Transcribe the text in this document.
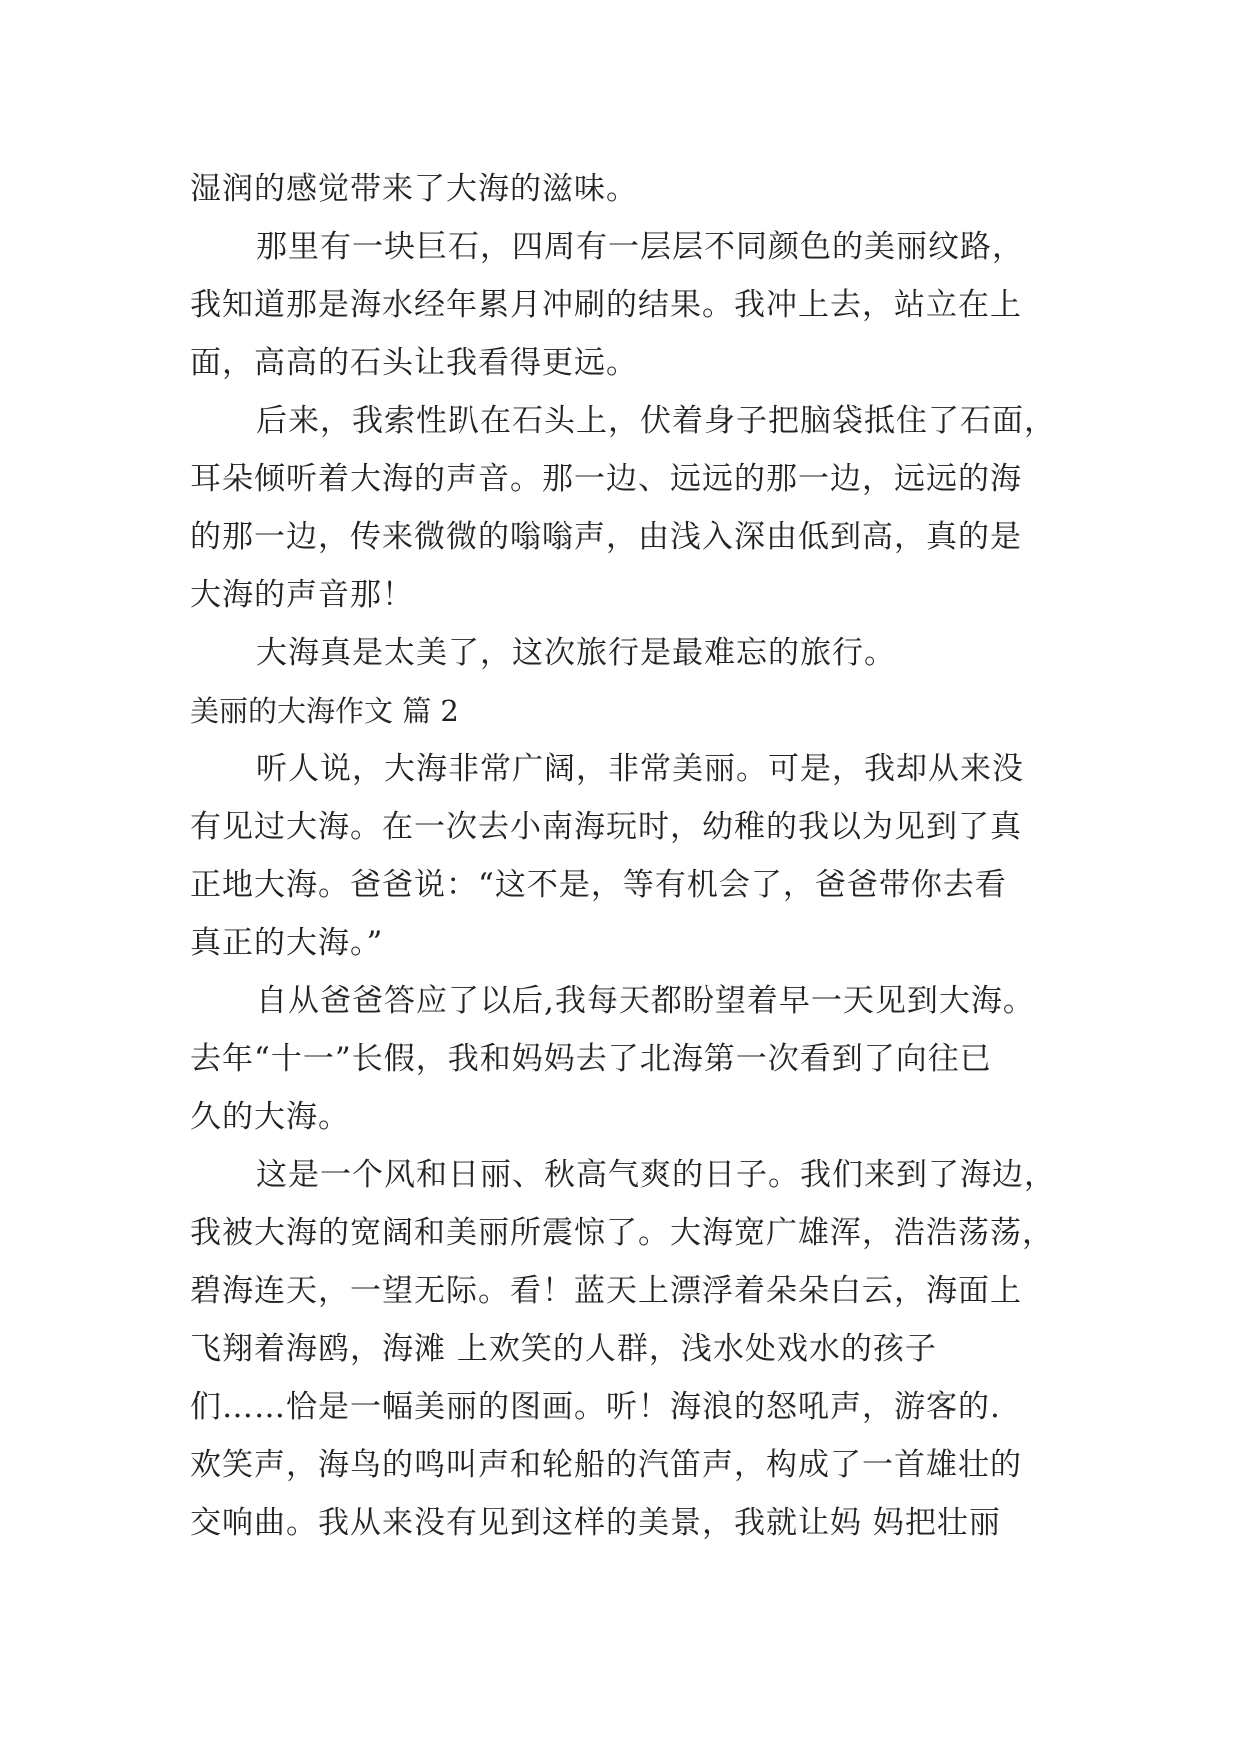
湿润的感觉带来了大海的滋味。
那里有一块巨石，四周有一层层不同颜色的美丽纹路，
我知道那是海水经年累月冲刷的结果。我冲上去，站立在上
面，高高的石头让我看得更远。
后来，我索性趴在石头上，伏着身子把脑袋抵住了石面，
耳朵倾听着大海的声音。那一边、远远的那一边，远远的海
的那一边，传来微微的嗡嗡声，由浅入深由低到高，真的是
大海的声音那！
大海真是太美了，这次旅行是最难忘的旅行。
美丽的大海作文 篇 2
听人说，大海非常广阔，非常美丽。可是，我却从来没
有见过大海。在一次去小南海玩时，幼稚的我以为见到了真
正地大海。爸爸说：“这不是，等有机会了，爸爸带你去看
真正的大海。”
自从爸爸答应了以后,我每天都盼望着早一天见到大海。
去年“十一”长假，我和妈妈去了北海第一次看到了向往已
久的大海。
这是一个风和日丽、秋高气爽的日子。我们来到了海边，
我被大海的宽阔和美丽所震惊了。大海宽广雄浑，浩浩荡荡，
碧海连天，一望无际。看！蓝天上漂浮着朵朵白云，海面上
飞翔着海鸥，海滩 上欢笑的人群，浅水处戏水的孩子
们……恰是一幅美丽的图画。听！海浪的怒吼声，游客的.
欢笑声，海鸟的鸣叫声和轮船的汽笛声，构成了一首雄壮的
交响曲。我从来没有见到这样的美景，我就让妈 妈把壮丽
